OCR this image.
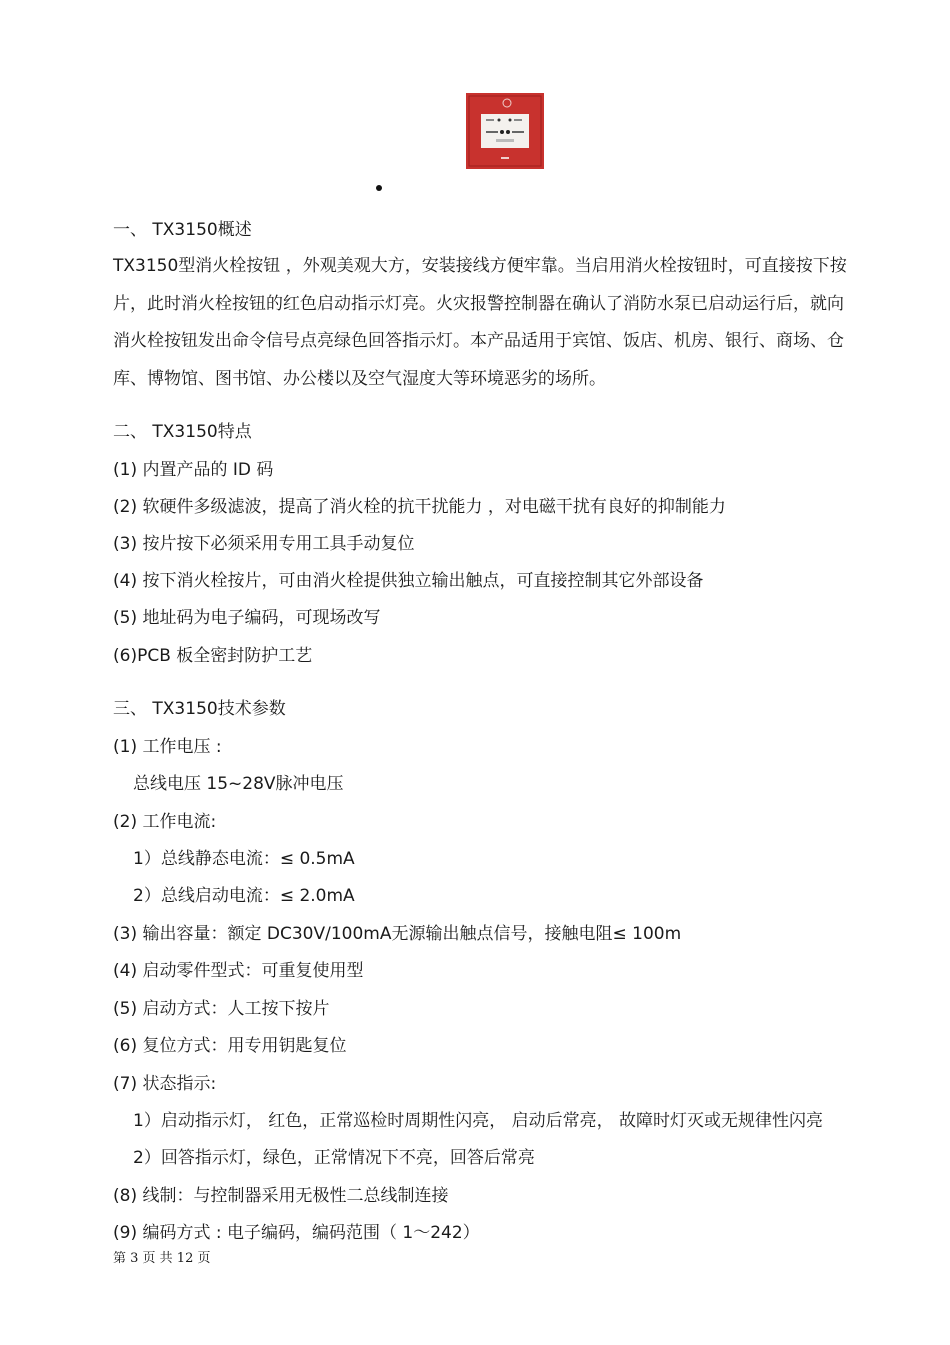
一、 TX3150概述
TX3150型消火栓按钮 ，外观美观大方，安装接线方便牢靠。当启用消火栓按钮时，可直接按下按片，此时消火栓按钮的红色启动指示灯亮。火灾报警控制器在确认了消防水泵已启动运行后，就向消火栓按钮发出命令信号点亮绿色回答指示灯。本产品适用于宾馆、饭店、机房、银行、商场、仓库、博物馆、图书馆、办公楼以及空气湿度大等环境恶劣的场所。
二、 TX3150特点
(1) 内置产品的 ID 码
(2) 软硬件多级滤波，提高了消火栓的抗干扰能力 ，对电磁干扰有良好的抑制能力
(3) 按片按下必须采用专用工具手动复位
(4) 按下消火栓按片，可由消火栓提供独立输出触点，可直接控制其它外部设备
(5) 地址码为电子编码，可现场改写
(6)PCB 板全密封防护工艺
三、 TX3150技术参数
(1) 工作电压 :
总线电压 15~28V脉冲电压
(2) 工作电流:
1）总线静态电流：≤ 0.5mA
2）总线启动电流：≤ 2.0mA
(3) 输出容量：额定 DC30V/100mA无源输出触点信号，接触电阻≤ 100m
(4) 启动零件型式：可重复使用型
(5) 启动方式：人工按下按片
(6) 复位方式：用专用钥匙复位
(7) 状态指示:
1）启动指示灯， 红色，正常巡检时周期性闪亮， 启动后常亮， 故障时灯灭或无规律性闪亮
2）回答指示灯，绿色，正常情况下不亮，回答后常亮
(8) 线制：与控制器采用无极性二总线制连接
(9) 编码方式 : 电子编码，编码范围（ 1～242）
第 3 页 共 12 页
